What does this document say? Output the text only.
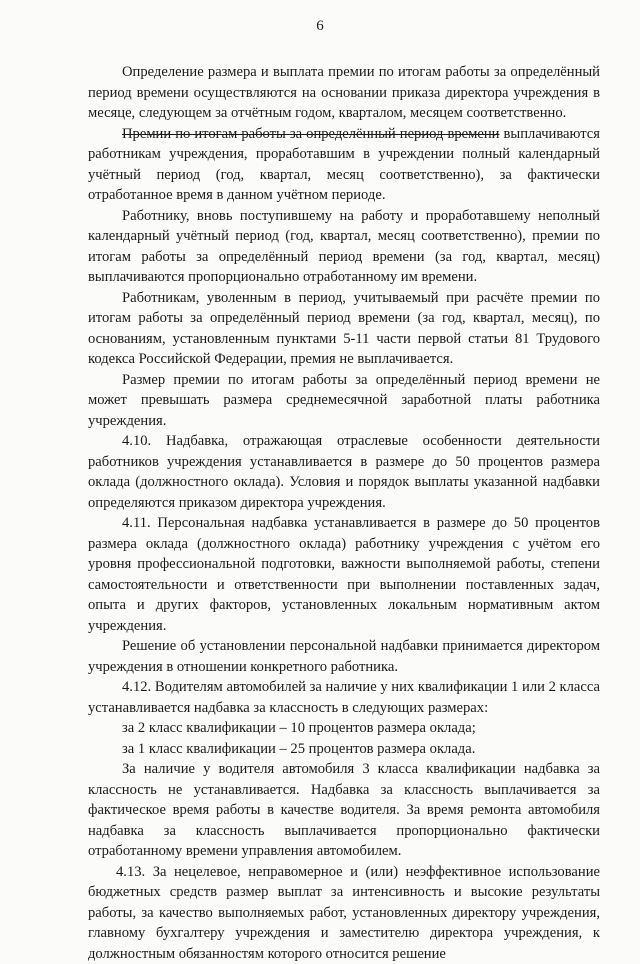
6

Определение размера и выплата премии по итогам работы за определённый период времени осуществляются на основании приказа директора учреждения в месяце, следующем за отчётным годом, кварталом, месяцем соответственно.

Премии по итогам работы за определённый период времени выплачиваются работникам учреждения, проработавшим в учреждении полный календарный учётный период (год, квартал, месяц соответственно), за фактически отработанное время в данном учётном периоде.

Работнику, вновь поступившему на работу и проработавшему неполный календарный учётный период (год, квартал, месяц соответственно), премии по итогам работы за определённый период времени (за год, квартал, месяц) выплачиваются пропорционально отработанному им времени.

Работникам, уволенным в период, учитываемый при расчёте премии по итогам работы за определённый период времени (за год, квартал, месяц), по основаниям, установленным пунктами 5-11 части первой статьи 81 Трудового кодекса Российской Федерации, премия не выплачивается.

Размер премии по итогам работы за определённый период времени не может превышать размера среднемесячной заработной платы работника учреждения.

4.10. Надбавка, отражающая отраслевые особенности деятельности работников учреждения устанавливается в размере до 50 процентов размера оклада (должностного оклада). Условия и порядок выплаты указанной надбавки определяются приказом директора учреждения.

4.11. Персональная надбавка устанавливается в размере до 50 процентов размера оклада (должностного оклада) работнику учреждения с учётом его уровня профессиональной подготовки, важности выполняемой работы, степени самостоятельности и ответственности при выполнении поставленных задач, опыта и других факторов, установленных локальным нормативным актом учреждения.

Решение об установлении персональной надбавки принимается директором учреждения в отношении конкретного работника.

4.12. Водителям автомобилей за наличие у них квалификации 1 или 2 класса устанавливается надбавка за классность в следующих размерах:

за 2 класс квалификации – 10 процентов размера оклада;

за 1 класс квалификации – 25 процентов размера оклада.

За наличие у водителя автомобиля 3 класса квалификации надбавка за классность не устанавливается. Надбавка за классность выплачивается за фактическое время работы в качестве водителя. За время ремонта автомобиля надбавка за классность выплачивается пропорционально фактически отработанному времени управления автомобилем.

4.13. За нецелевое, неправомерное и (или) неэффективное использование бюджетных средств размер выплат за интенсивность и высокие результаты работы, за качество выполняемых работ, установленных директору учреждения, главному бухгалтеру учреждения и заместителю директора учреждения, к должностным обязанностям которого относится решение
